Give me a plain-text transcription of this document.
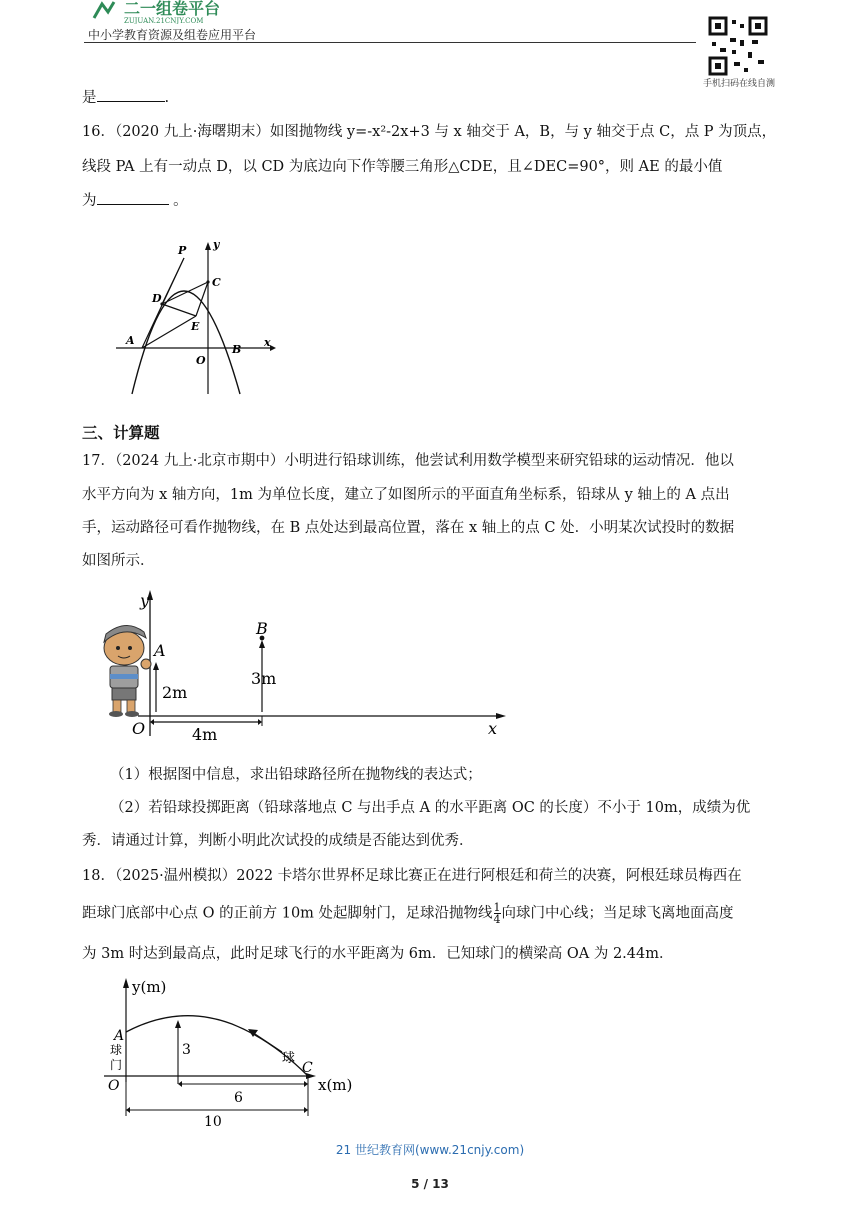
二一组卷平台
ZUJUAN.21CNJY.COM
中小学教育资源及组卷应用平台
手机扫码在线自测
是	.
16．（2020 九上·海曙期末）如图抛物线 y=-x²-2x+3 与 x 轴交于 A，B，与 y 轴交于点 C，点 P 为顶点，
线段 PA 上有一动点 D，以 CD 为底边向下作等腰三角形△CDE，且∠DEC=90°，则 AE 的最小值
为	。
P y
C
D
E
A
O
B
x
三、计算题
17．（2024 九上·北京市期中）小明进行铅球训练，他尝试利用数学模型来研究铅球的运动情况．他以
水平方向为 x 轴方向，1m 为单位长度，建立了如图所示的平面直角坐标系，铅球从 y 轴上的 A 点出
手，运动路径可看作抛物线，在 B 点处达到最高位置，落在 x 轴上的点 C 处．小明某次试投时的数据
如图所示．
y
A
B
2m
3m
O	4m	x
（1）根据图中信息，求出铅球路径所在抛物线的表达式；
（2）若铅球投掷距离（铅球落地点 C 与出手点 A 的水平距离 OC 的长度）不小于 10m，成绩为优
秀．请通过计算，判断小明此次试投的成绩是否能达到优秀．
18．（2025·温州模拟）2022 卡塔尔世界杯足球比赛正在进行阿根廷和荷兰的决赛，阿根廷球员梅西在
距球门底部中心点 O 的正前方 10m 处起脚射门，足球沿抛物线 $\frac{1}{4}$ 向球门中心线；当足球飞离地面高度
为 3m 时达到最高点，此时足球飞行的水平距离为 6m．已知球门的横梁高 OA 为 2.44m．
y(m)
A
球
门
O
3
球
C
x(m)
6
10
21 世纪教育网(www.21cnjy.com)
5 / 13
